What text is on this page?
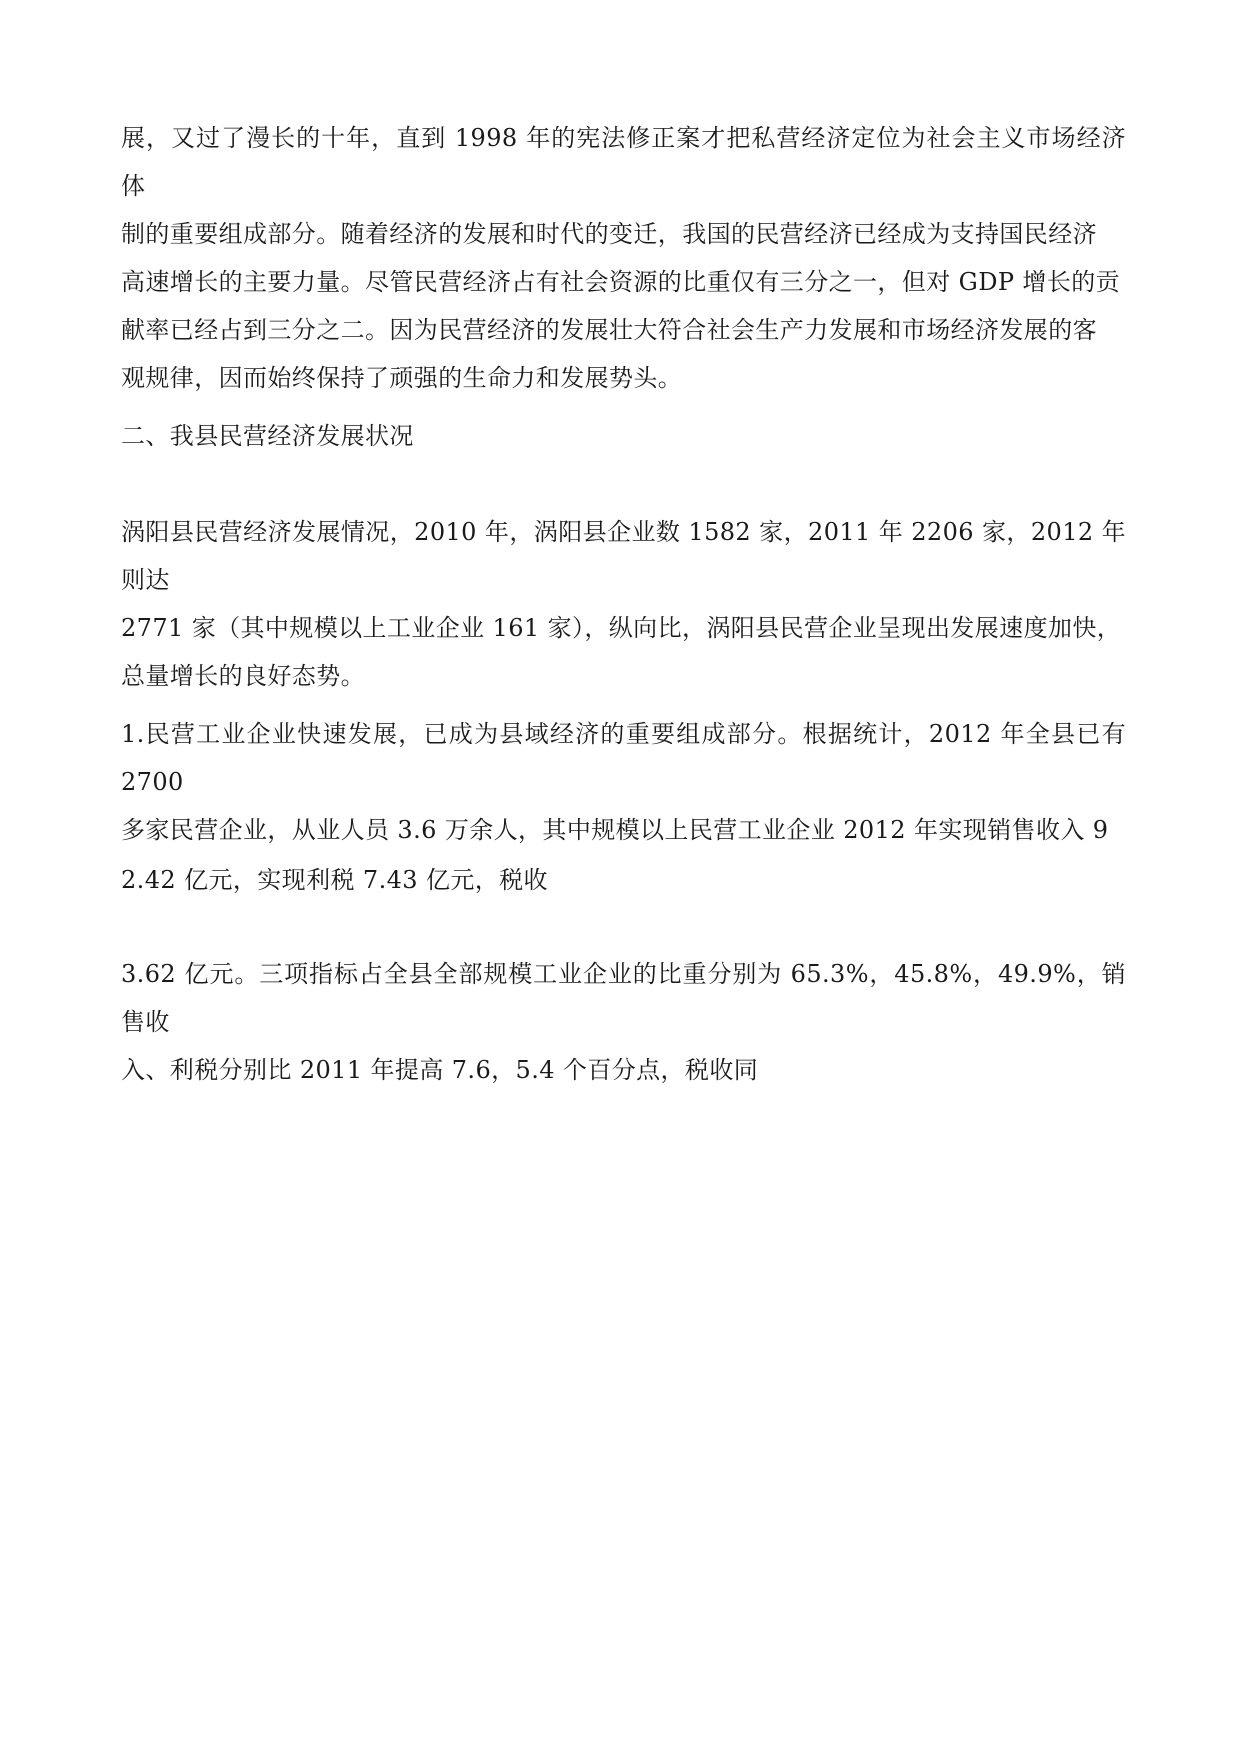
展，又过了漫长的十年，直到 1998 年的宪法修正案才把私营经济定位为社会主义市场经济体
制的重要组成部分。随着经济的发展和时代的变迁，我国的民营经济已经成为支持国民经济
高速增长的主要力量。尽管民营经济占有社会资源的比重仅有三分之一，但对 GDP 增长的贡
献率已经占到三分之二。因为民营经济的发展壮大符合社会生产力发展和市场经济发展的客
观规律，因而始终保持了顽强的生命力和发展势头。

二、我县民营经济发展状况

涡阳县民营经济发展情况，2010 年，涡阳县企业数 1582 家，2011 年 2206 家，2012 年则达
2771 家（其中规模以上工业企业 161 家），纵向比，涡阳县民营企业呈现出发展速度加快，
总量增长的良好态势。

1.民营工业企业快速发展，已成为县域经济的重要组成部分。根据统计，2012 年全县已有 2700
多家民营企业，从业人员 3.6 万余人，其中规模以上民营工业企业 2012 年实现销售收入 9

2.42 亿元，实现利税 7.43 亿元，税收

3.62 亿元。三项指标占全县全部规模工业企业的比重分别为 65.3%，45.8%，49.9%，销售收
入、利税分别比 2011 年提高 7.6，5.4 个百分点，税收同
